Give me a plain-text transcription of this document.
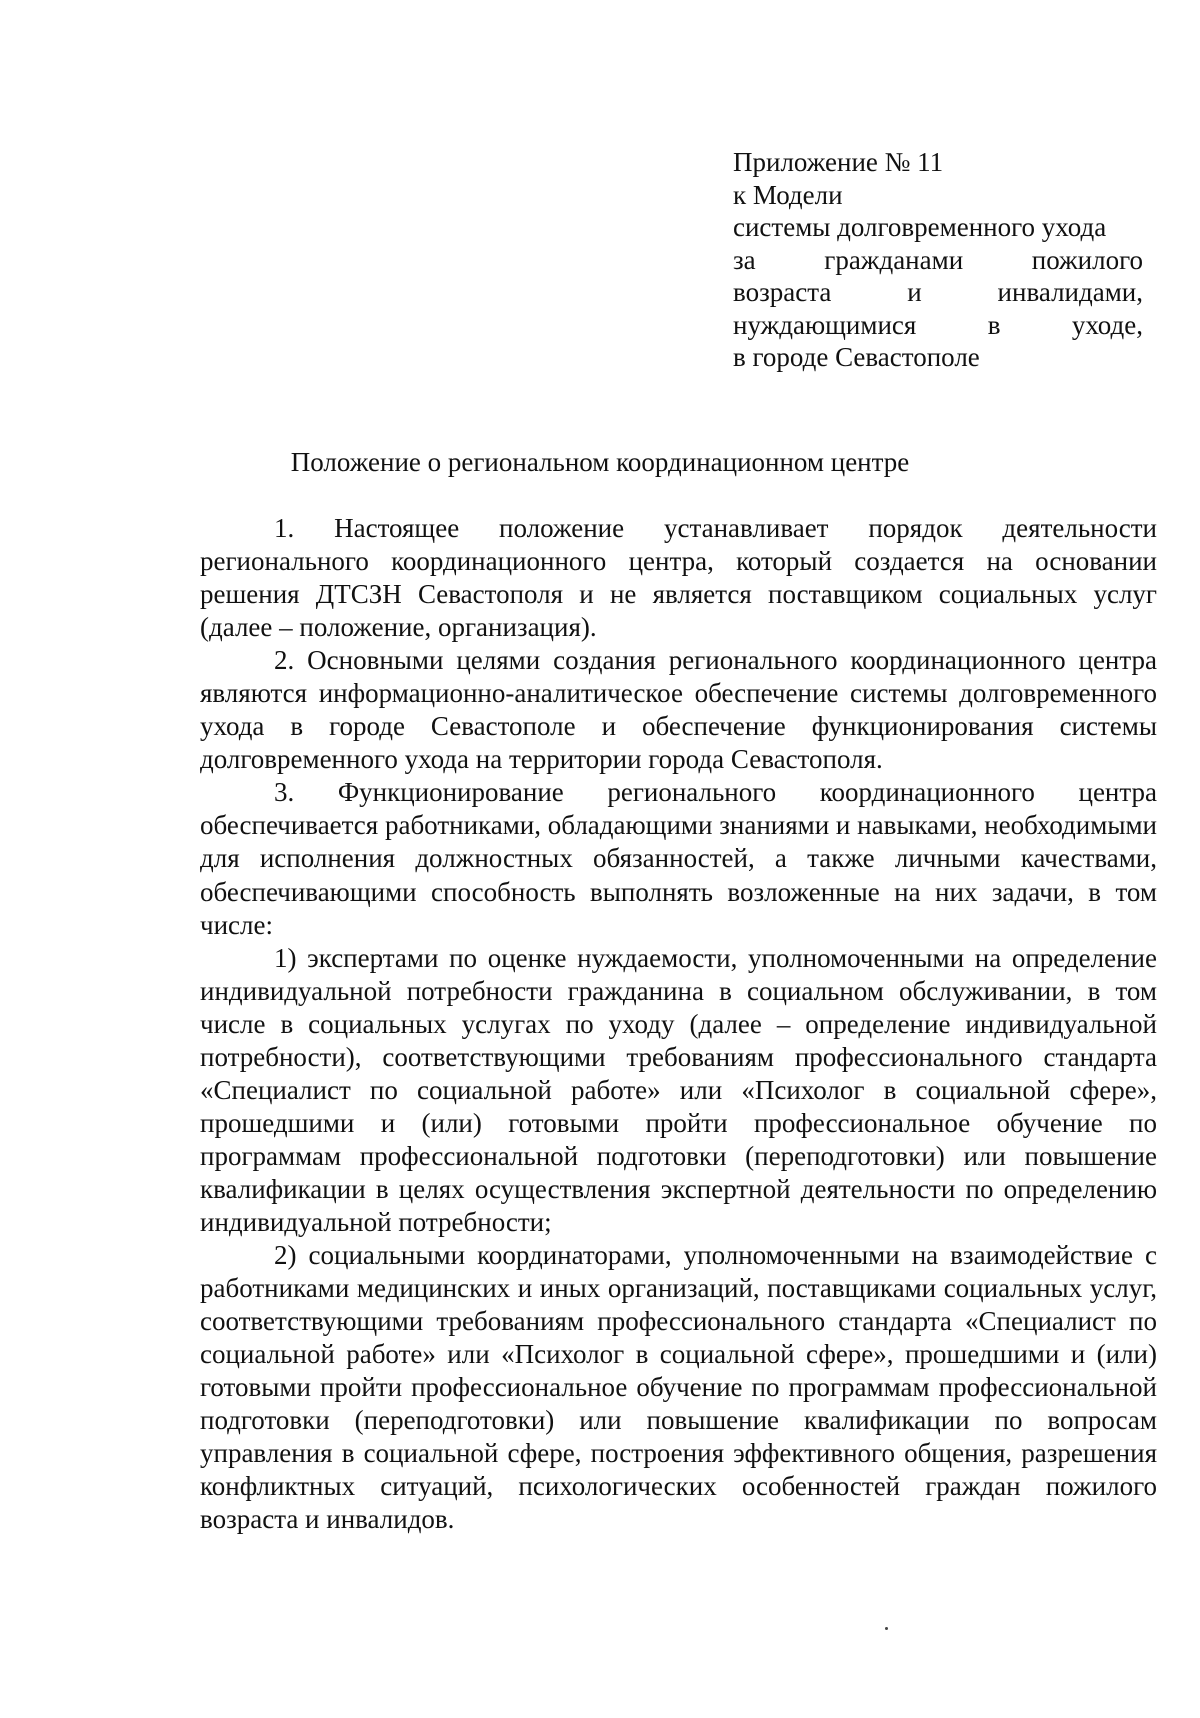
Приложение № 11
к Модели
системы долговременного ухода
за гражданами пожилого
возраста и инвалидами,
нуждающимися в уходе,
в городе Севастополе
Положение о региональном координационном центре

1. Настоящее положение устанавливает порядок деятельности регионального координационного центра, который создается на основании решения ДТСЗН Севастополя и не является поставщиком социальных услуг (далее – положение, организация).

2. Основными целями создания регионального координационного центра являются информационно-аналитическое обеспечение системы долговременного ухода в городе Севастополе и обеспечение функционирования системы долговременного ухода на территории города Севастополя.

3. Функционирование регионального координационного центра обеспечивается работниками, обладающими знаниями и навыками, необходимыми для исполнения должностных обязанностей, а также личными качествами, обеспечивающими способность выполнять возложенные на них задачи, в том числе:

1) экспертами по оценке нуждаемости, уполномоченными на определение индивидуальной потребности гражданина в социальном обслуживании, в том числе в социальных услугах по уходу (далее – определение индивидуальной потребности), соответствующими требованиям профессионального стандарта «Специалист по социальной работе» или «Психолог в социальной сфере», прошедшими и (или) готовыми пройти профессиональное обучение по программам профессиональной подготовки (переподготовки) или повышение квалификации в целях осуществления экспертной деятельности по определению индивидуальной потребности;

2) социальными координаторами, уполномоченными на взаимодействие с работниками медицинских и иных организаций, поставщиками социальных услуг, соответствующими требованиям профессионального стандарта «Специалист по социальной работе» или «Психолог в социальной сфере», прошедшими и (или) готовыми пройти профессиональное обучение по программам профессиональной подготовки (переподготовки) или повышение квалификации по вопросам управления в социальной сфере, построения эффективного общения, разрешения конфликтных ситуаций, психологических особенностей граждан пожилого возраста и инвалидов.
